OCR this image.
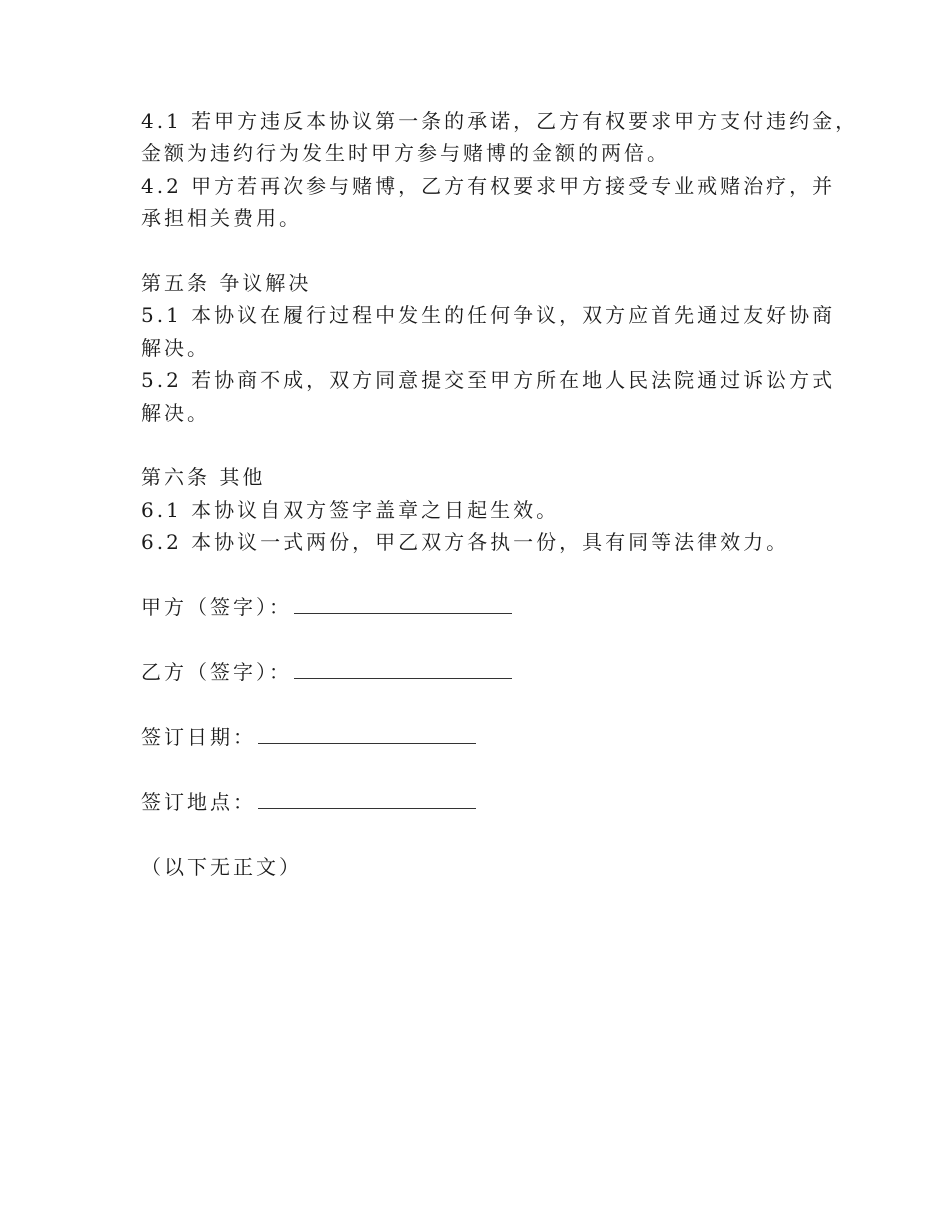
4.1 若甲方违反本协议第一条的承诺，乙方有权要求甲方支付违约金，
金额为违约行为发生时甲方参与赌博的金额的两倍。
4.2 甲方若再次参与赌博，乙方有权要求甲方接受专业戒赌治疗，并
承担相关费用。
第五条 争议解决
5.1 本协议在履行过程中发生的任何争议，双方应首先通过友好协商
解决。
5.2 若协商不成，双方同意提交至甲方所在地人民法院通过诉讼方式
解决。
第六条 其他
6.1 本协议自双方签字盖章之日起生效。
6.2 本协议一式两份，甲乙双方各执一份，具有同等法律效力。
甲方（签字）：
乙方（签字）：
签订日期：
签订地点：
（以下无正文）
